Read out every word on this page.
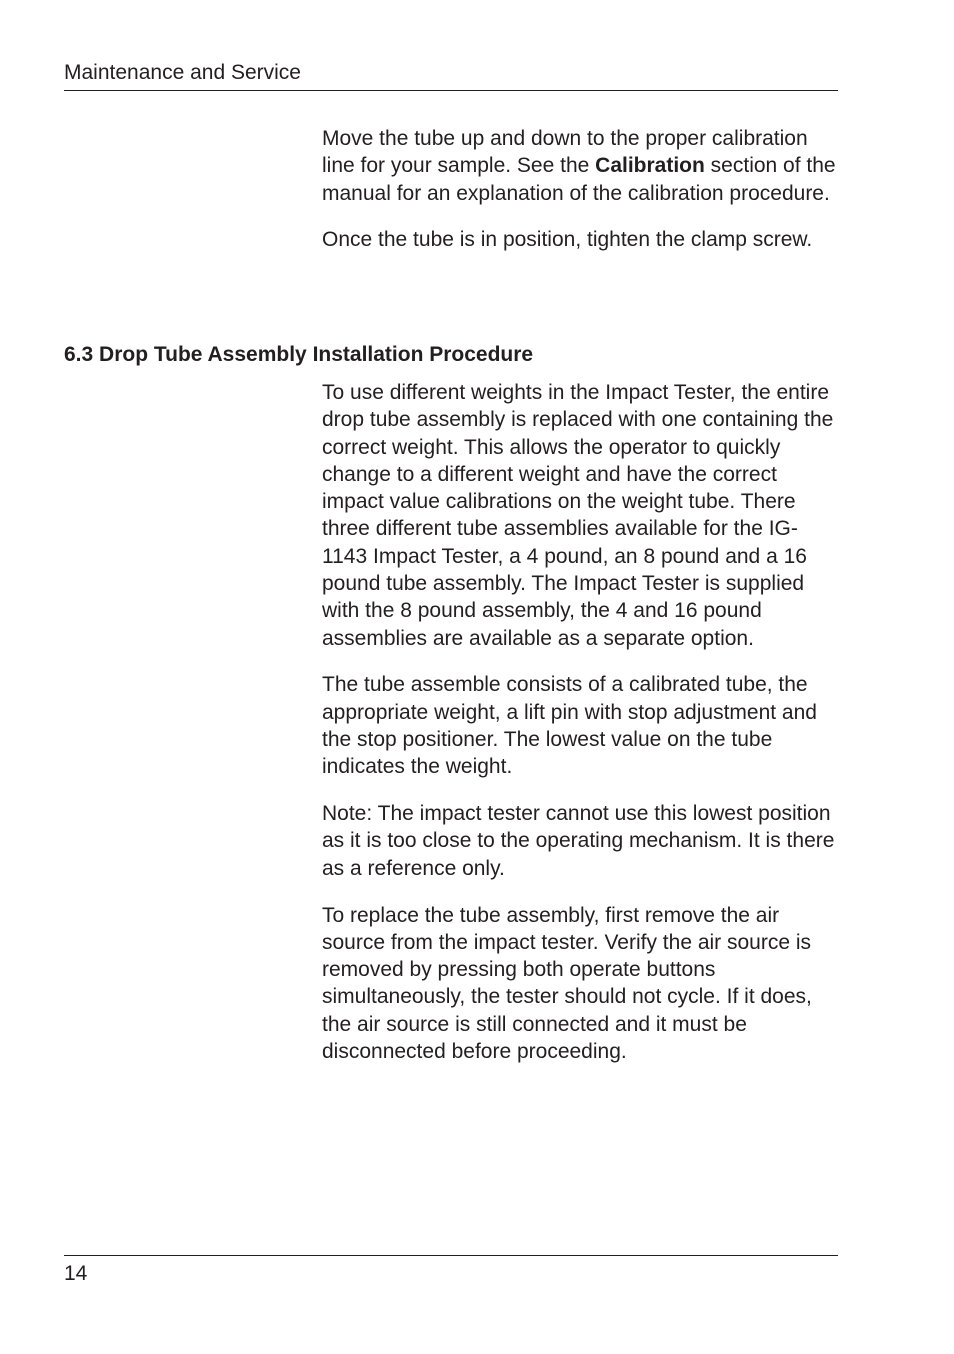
Maintenance and Service

Move the tube up and down to the proper calibration line for your sample. See the Calibration section of the manual for an explanation of the calibration procedure.

Once the tube is in position, tighten the clamp screw.

6.3 Drop Tube Assembly Installation Procedure

To use different weights in the Impact Tester, the entire drop tube assembly is replaced with one containing the correct weight. This allows the operator to quickly change to a different weight and have the correct impact value calibrations on the weight tube. There three different tube assemblies available for the IG-1143 Impact Tester, a 4 pound, an 8 pound and a 16 pound tube assembly. The Impact Tester is supplied with the 8 pound assembly, the 4 and 16 pound assemblies are available as a separate option.

The tube assemble consists of a calibrated tube, the appropriate weight, a lift pin with stop adjustment and the stop positioner. The lowest value on the tube indicates the weight.

Note: The impact tester cannot use this lowest position as it is too close to the operating mechanism. It is there as a reference only.

To replace the tube assembly, first remove the air source from the impact tester. Verify the air source is removed by pressing both operate buttons simultaneously, the tester should not cycle. If it does, the air source is still connected and it must be disconnected before proceeding.

14
